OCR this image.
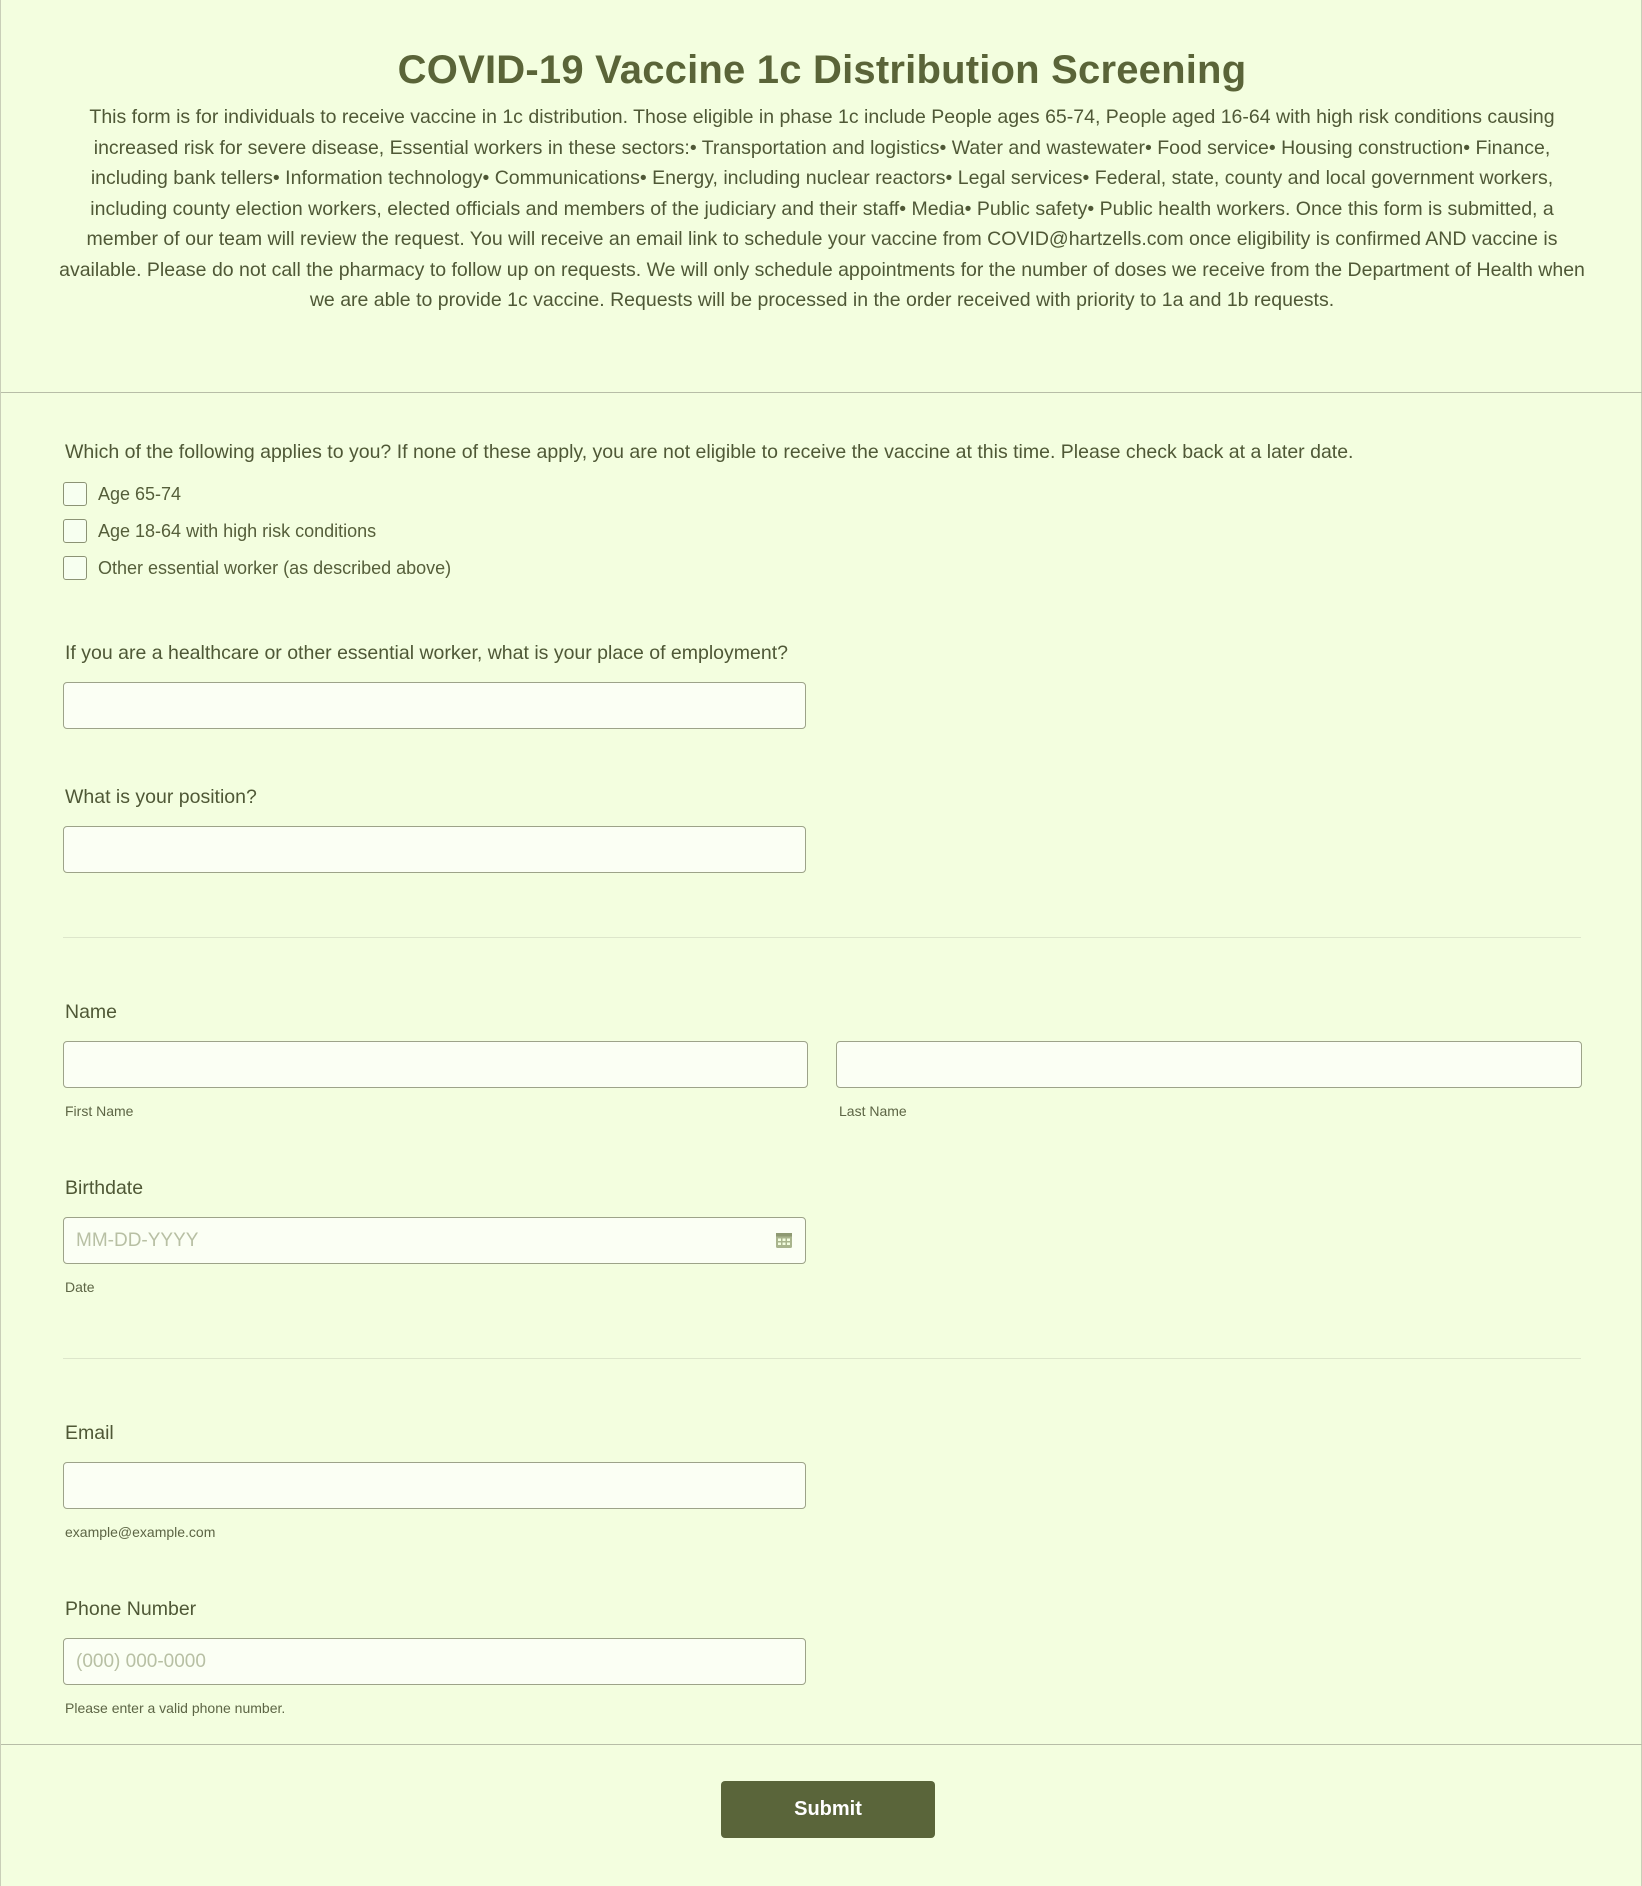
COVID-19 Vaccine 1c Distribution Screening
This form is for individuals to receive vaccine in 1c distribution. Those eligible in phase 1c include People ages 65-74, People aged 16-64 with high risk conditions causing increased risk for severe disease, Essential workers in these sectors:• Transportation and logistics• Water and wastewater• Food service• Housing construction• Finance, including bank tellers• Information technology• Communications• Energy, including nuclear reactors• Legal services• Federal, state, county and local government workers, including county election workers, elected officials and members of the judiciary and their staff• Media• Public safety• Public health workers. Once this form is submitted, a member of our team will review the request. You will receive an email link to schedule your vaccine from COVID@hartzells.com once eligibility is confirmed AND vaccine is available. Please do not call the pharmacy to follow up on requests. We will only schedule appointments for the number of doses we receive from the Department of Health when we are able to provide 1c vaccine. Requests will be processed in the order received with priority to 1a and 1b requests.
Which of the following applies to you? If none of these apply, you are not eligible to receive the vaccine at this time. Please check back at a later date.
Age 65-74
Age 18-64 with high risk conditions
Other essential worker (as described above)
If you are a healthcare or other essential worker, what is your place of employment?
What is your position?
Name
First Name	Last Name
Birthdate
MM-DD-YYYY
Date
Email
example@example.com
Phone Number
(000) 000-0000
Please enter a valid phone number.
Submit
